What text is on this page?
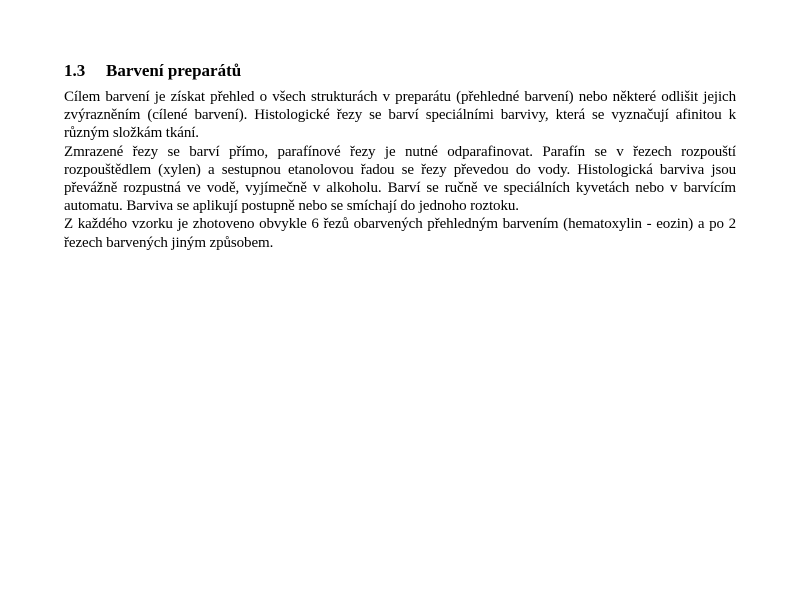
1.3 Barvení preparátů

Cílem barvení je získat přehled o všech strukturách v preparátu (přehledné barvení) nebo některé odlišit jejich zvýrazněním (cílené barvení). Histologické řezy se barví speciálními barvivy, která se vyznačují afinitou k různým složkám tkání.

Zmrazené řezy se barví přímo, parafínové řezy je nutné odparafinovat. Parafín se v řezech rozpouští rozpouštědlem (xylen) a sestupnou etanolovou řadou se řezy převedou do vody. Histologická barviva jsou převážně rozpustná ve vodě, vyjímečně v alkoholu. Barví se ručně ve speciálních kyvetách nebo v barvícím automatu. Barviva se aplikují postupně nebo se smíchají do jednoho roztoku.

Z každého vzorku je zhotoveno obvykle 6 řezů obarvených přehledným barvením (hematoxylin - eozin) a po 2 řezech barvených jiným způsobem.
